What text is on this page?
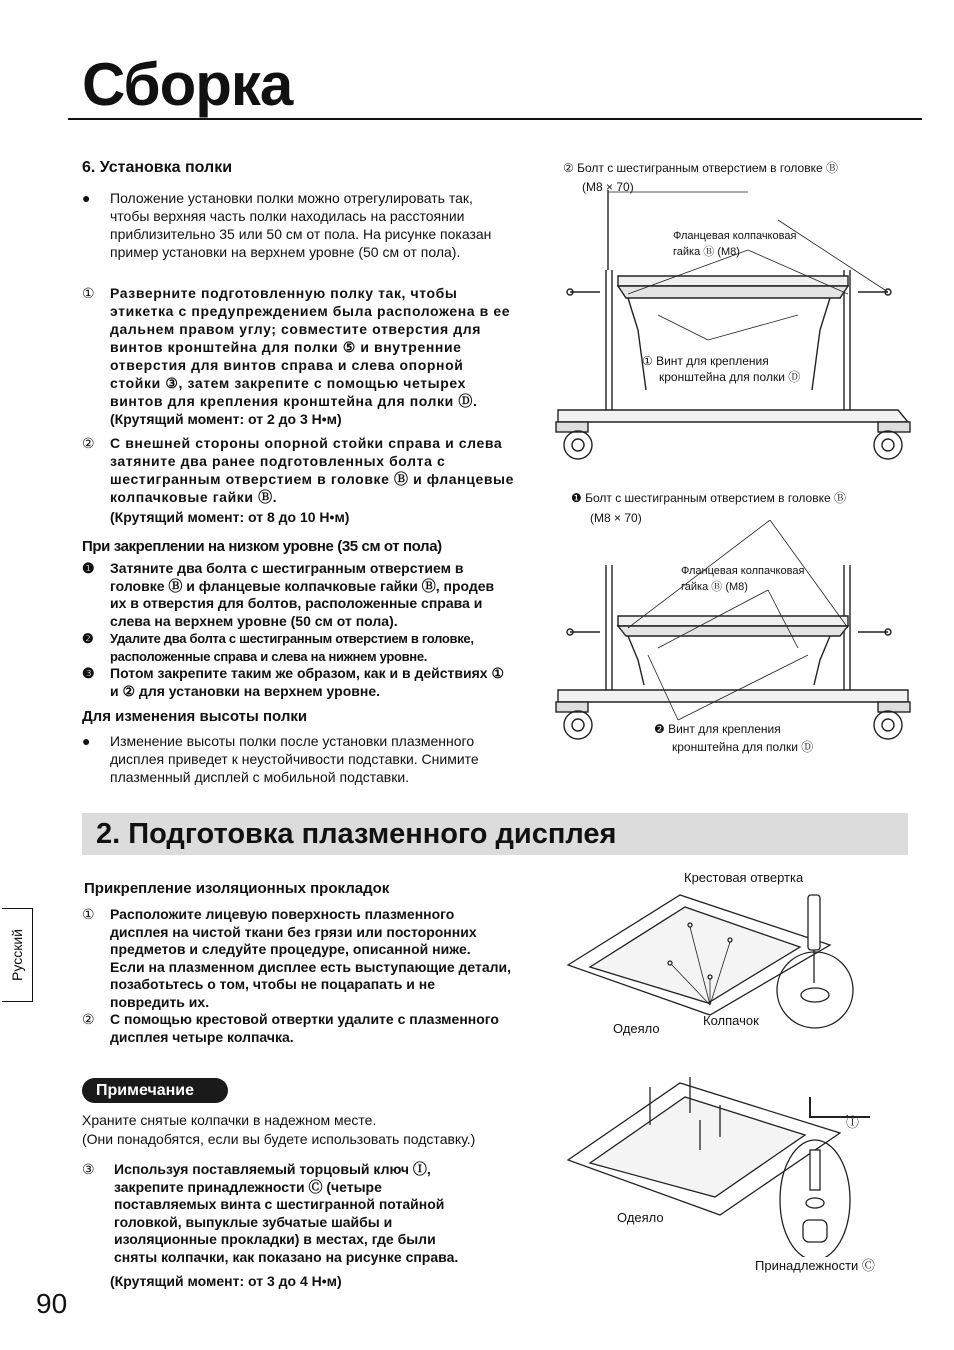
Сборка
6. Установка полки
●	Положение установки полки можно отрегулировать так, чтобы верхняя часть полки находилась на расстоянии приблизительно 35 или 50 см от пола. На рисунке показан пример установки на верхнем уровне (50 см от пола).
①	Разверните подготовленную полку так, чтобы этикетка с предупреждением была расположена в ее дальнем правом углу; совместите отверстия для винтов кронштейна для полки ⑤ и внутренние отверстия для винтов справа и слева опорной стойки ③, затем закрепите с помощью четырех винтов для крепления кронштейна для полки Ⓓ.
(Крутящий момент: от 2 до 3 Н•м)
②	С внешней стороны опорной стойки справа и слева затяните два ранее подготовленных болта с шестигранным отверстием в головке Ⓑ и фланцевые колпачковые гайки Ⓑ.
(Крутящий момент: от 8 до 10 Н•м)
При закреплении на низком уровне (35 см от пола)
❶	Затяните два болта с шестигранным отверстием в головке Ⓑ и фланцевые колпачковые гайки Ⓑ, продев их в отверстия для болтов, расположенные справа и слева на верхнем уровне (50 см от пола).
❷	Удалите два болта с шестигранным отверстием в головке, расположенные справа и слева на нижнем уровне.
❸	Потом закрепите таким же образом, как и в действиях ① и ② для установки на верхнем уровне.
Для изменения высоты полки
●	Изменение высоты полки после установки плазменного дисплея приведет к неустойчивости подставки. Снимите плазменный дисплей с мобильной подставки.
② Болт с шестигранным отверстием в головке Ⓑ
(M8 × 70)
Фланцевая колпачковая
гайка Ⓑ (M8)
① Винт для крепления
кронштейна для полки Ⓓ
❶ Болт с шестигранным отверстием в головке Ⓑ
(M8 × 70)
Фланцевая колпачковая
гайка Ⓑ (M8)
❷ Винт для крепления
кронштейна для полки Ⓓ
2. Подготовка плазменного дисплея
Прикрепление изоляционных прокладок
①	Расположите лицевую поверхность плазменного дисплея на чистой ткани без грязи или посторонних предметов и следуйте процедуре, описанной ниже.
Если на плазменном дисплее есть выступающие детали, позаботьтесь о том, чтобы не поцарапать и не повредить их.
②	С помощью крестовой отвертки удалите с плазменного дисплея четыре колпачка.
Примечание
Храните снятые колпачки в надежном месте.
(Они понадобятся, если вы будете использовать подставку.)
③	Используя поставляемый торцовый ключ Ⓘ, закрепите принадлежности Ⓒ (четыре поставляемых винта с шестигранной потайной головкой, выпуклые зубчатые шайбы и изоляционные прокладки) в местах, где были сняты колпачки, как показано на рисунке справа.
(Крутящий момент: от 3 до 4 Н•м)
Крестовая отвертка
Одеяло
Колпачок
Одеяло
Ⓘ
Принадлежности Ⓒ
Русский
90
